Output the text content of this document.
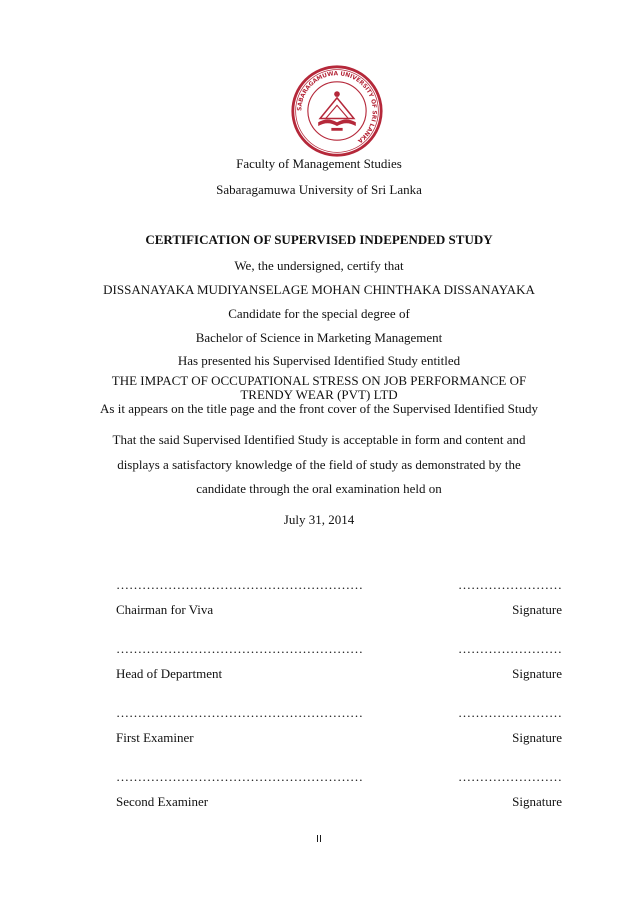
SABARAGAMUWA UNIVERSITY OF SRI LANKA
Faculty of Management Studies
Sabaragamuwa University of Sri Lanka
CERTIFICATION OF SUPERVISED INDEPENDED STUDY
We, the undersigned, certify that
DISSANAYAKA MUDIYANSELAGE MOHAN CHINTHAKA DISSANAYAKA
Candidate for the special degree of
Bachelor of Science in Marketing Management
Has presented his Supervised Identified Study entitled
THE IMPACT OF OCCUPATIONAL STRESS ON JOB PERFORMANCE OF
TRENDY WEAR (PVT) LTD
As it appears on the title page and the front cover of the Supervised Identified Study
That the said Supervised Identified Study is acceptable in form and content and
displays a satisfactory knowledge of the field of study as demonstrated by the
candidate through the oral examination held on
July 31, 2014
…………………………………………………	……………………
Chairman for Viva	Signature
…………………………………………………	……………………
Head of Department	Signature
…………………………………………………	……………………
First Examiner	Signature
…………………………………………………	……………………
Second Examiner	Signature
II
